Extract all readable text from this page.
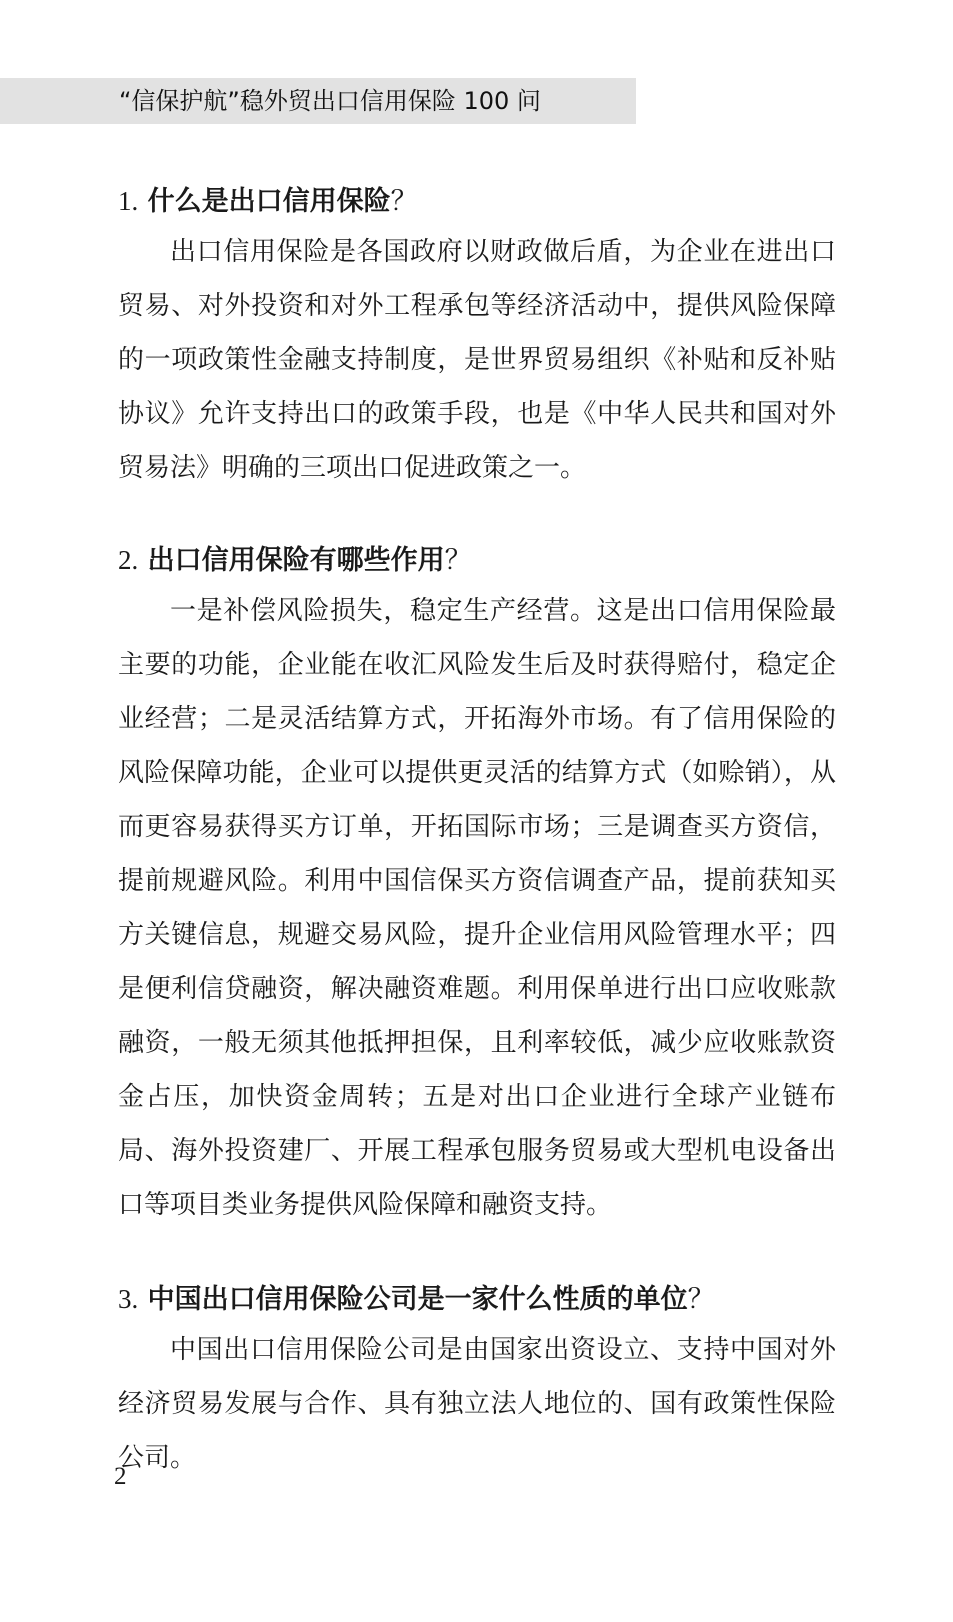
“信保护航”稳外贸出口信用保险 100 问
1. 什么是出口信用保险？

出口信用保险是各国政府以财政做后盾，为企业在进出口贸易、对外投资和对外工程承包等经济活动中，提供风险保障的一项政策性金融支持制度，是世界贸易组织《补贴和反补贴协议》允许支持出口的政策手段，也是《中华人民共和国对外贸易法》明确的三项出口促进政策之一。

2. 出口信用保险有哪些作用？

一是补偿风险损失，稳定生产经营。这是出口信用保险最主要的功能，企业能在收汇风险发生后及时获得赔付，稳定企业经营；二是灵活结算方式，开拓海外市场。有了信用保险的风险保障功能，企业可以提供更灵活的结算方式（如赊销），从而更容易获得买方订单，开拓国际市场；三是调查买方资信，提前规避风险。利用中国信保买方资信调查产品，提前获知买方关键信息，规避交易风险，提升企业信用风险管理水平；四是便利信贷融资，解决融资难题。利用保单进行出口应收账款融资，一般无须其他抵押担保，且利率较低，减少应收账款资金占压，加快资金周转；五是对出口企业进行全球产业链布局、海外投资建厂、开展工程承包服务贸易或大型机电设备出口等项目类业务提供风险保障和融资支持。

3. 中国出口信用保险公司是一家什么性质的单位？

中国出口信用保险公司是由国家出资设立、支持中国对外经济贸易发展与合作、具有独立法人地位的、国有政策性保险公司。

2
